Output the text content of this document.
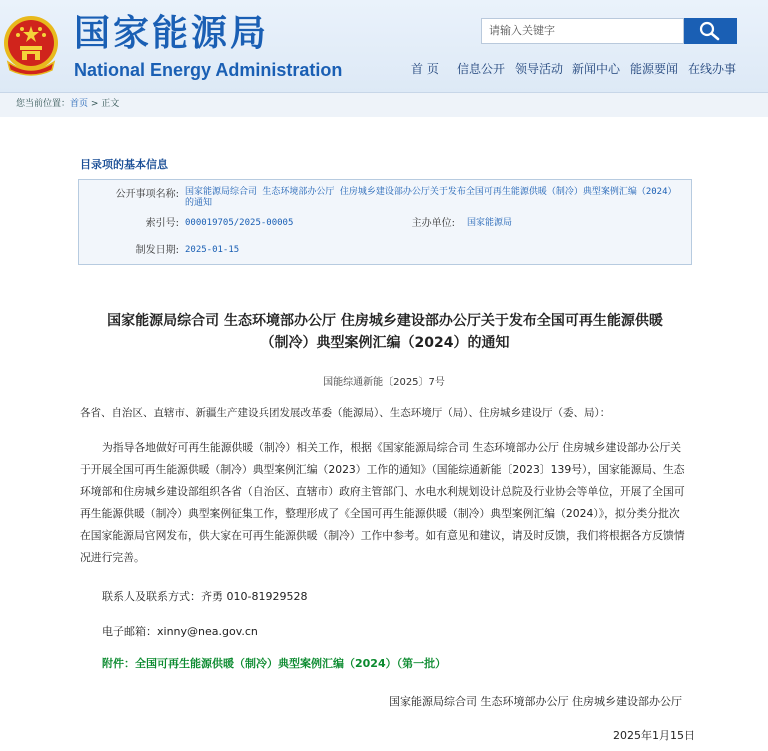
国家能源局
National Energy Administration
请输入关键字
首 页 信息公开 领导活动 新闻中心 能源要闻 在线办事
您当前位置：首页 > 正文
目录项的基本信息
公开事项名称: 国家能源局综合司 生态环境部办公厅 住房城乡建设部办公厅关于发布全国可再生能源供暖（制冷）典型案例汇编（2024）的通知
索引号: 000019705/2025-00005	主办单位: 国家能源局
制发日期: 2025-01-15
国家能源局综合司 生态环境部办公厅 住房城乡建设部办公厅关于发布全国可再生能源供暖
（制冷）典型案例汇编（2024）的通知
国能综通新能〔2025〕7号
各省、自治区、直辖市、新疆生产建设兵团发展改革委（能源局）、生态环境厅（局）、住房城乡建设厅（委、局）：
为指导各地做好可再生能源供暖（制冷）相关工作，根据《国家能源局综合司 生态环境部办公厅 住房城乡建设部办公厅关于开展全国可再生能源供暖（制冷）典型案例汇编（2023）工作的通知》（国能综通新能〔2023〕139号），国家能源局、生态环境部和住房城乡建设部组织各省（自治区、直辖市）政府主管部门、水电水利规划设计总院及行业协会等单位，开展了全国可再生能源供暖（制冷）典型案例征集工作，整理形成了《全国可再生能源供暖（制冷）典型案例汇编（2024）》，拟分类分批次在国家能源局官网发布，供大家在可再生能源供暖（制冷）工作中参考。如有意见和建议，请及时反馈，我们将根据各方反馈情况进行完善。
联系人及联系方式：齐勇 010-81929528
电子邮箱：xinny@nea.gov.cn
附件：全国可再生能源供暖（制冷）典型案例汇编（2024）（第一批）
国家能源局综合司 生态环境部办公厅 住房城乡建设部办公厅
2025年1月15日
